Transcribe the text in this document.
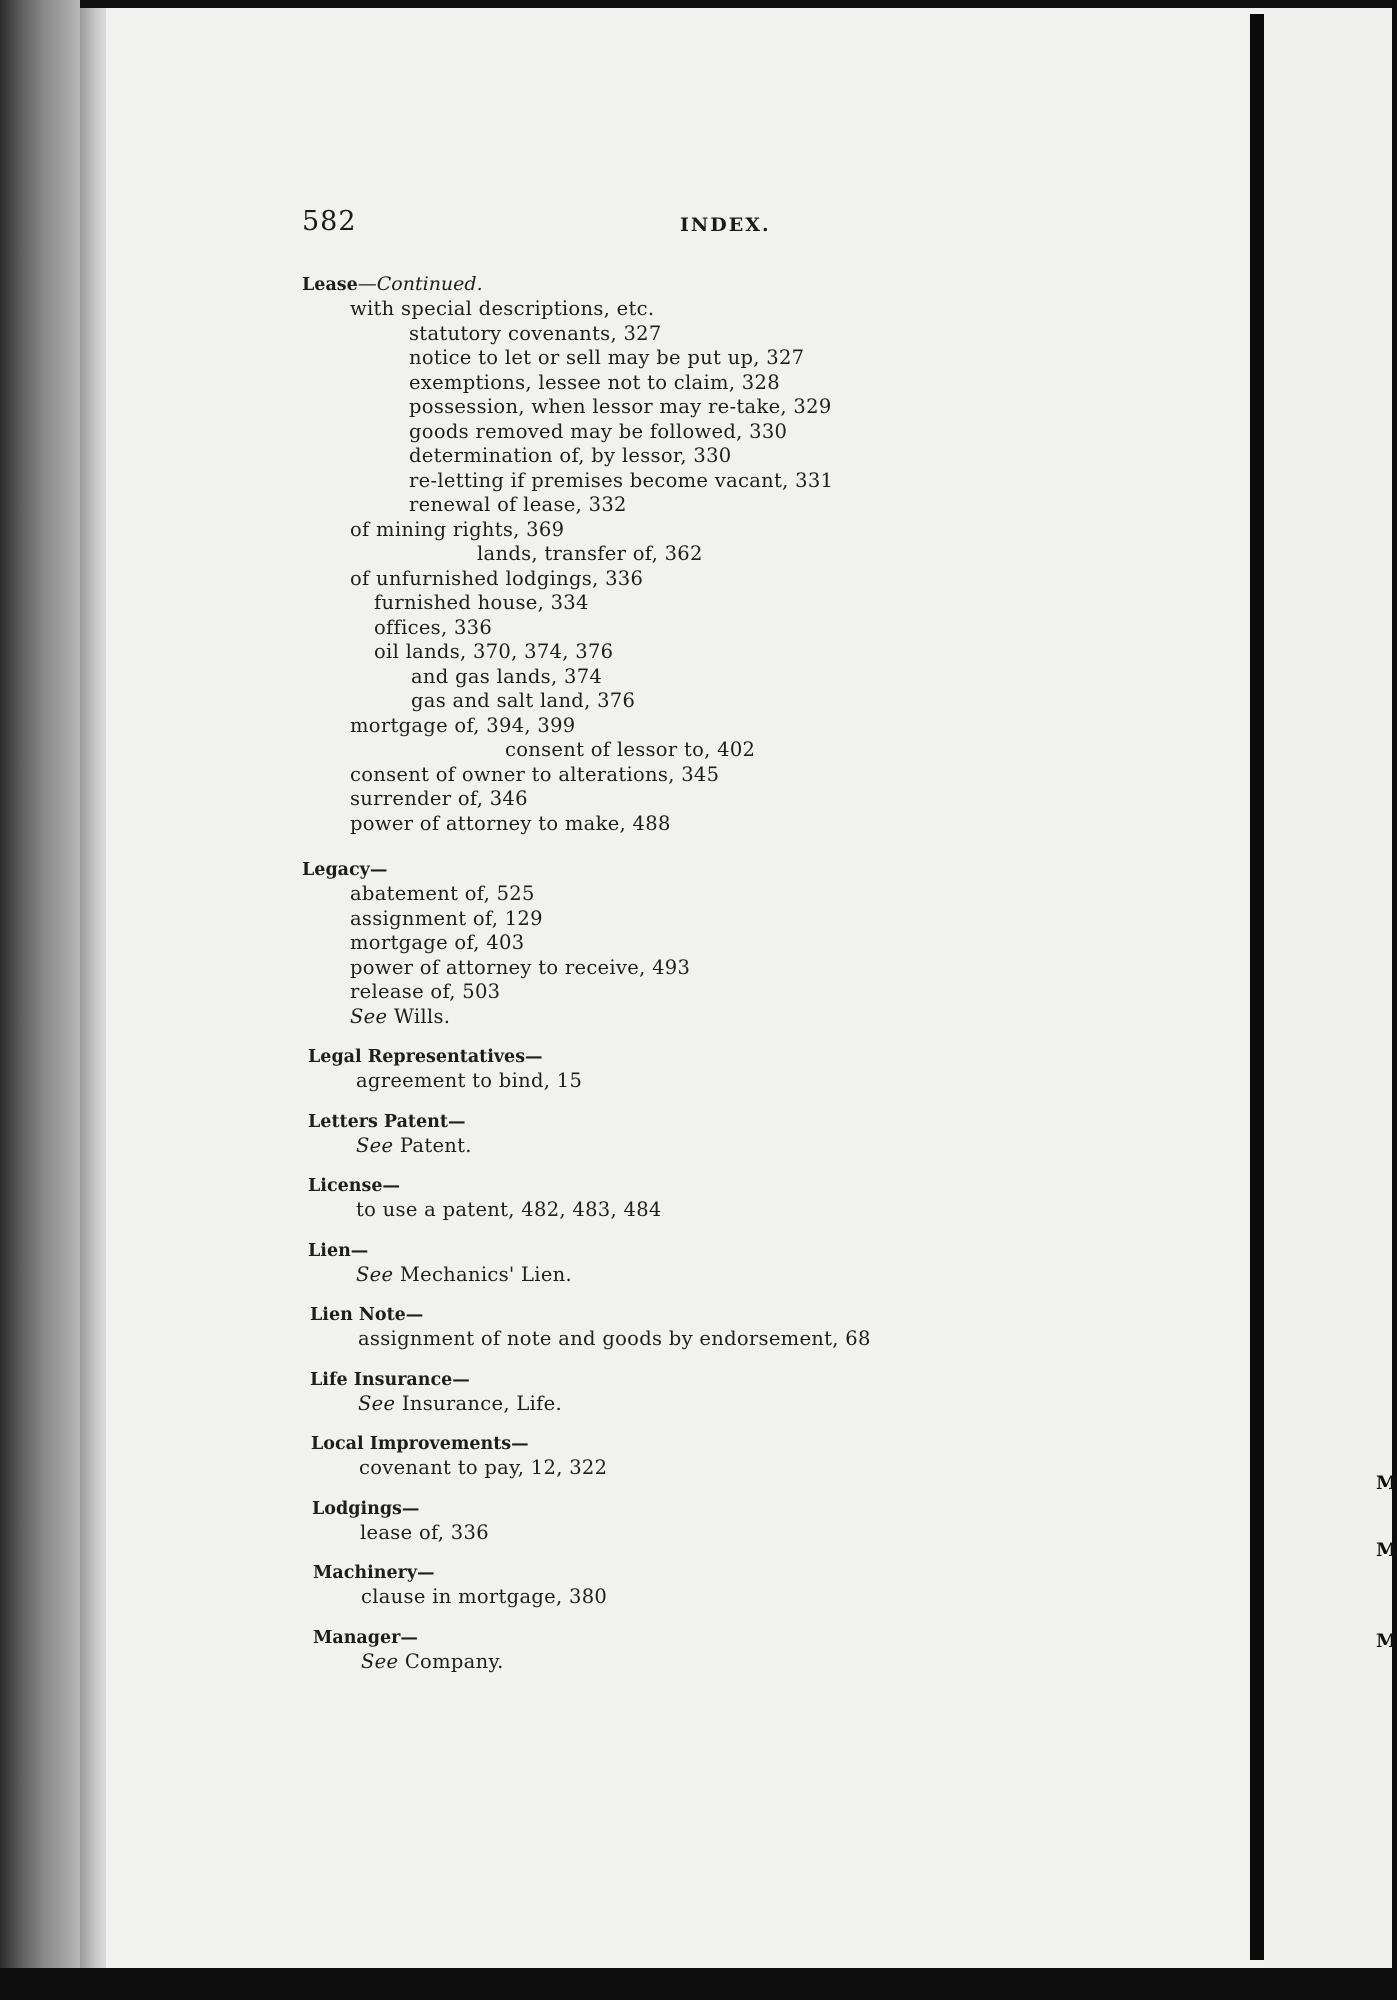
M
M
M
582	INDEX.
Lease—Continued.
with special descriptions, etc.
statutory covenants, 327
notice to let or sell may be put up, 327
exemptions, lessee not to claim, 328
possession, when lessor may re-take, 329
goods removed may be followed, 330
determination of, by lessor, 330
re-letting if premises become vacant, 331
renewal of lease, 332
of mining rights, 369
lands, transfer of, 362
of unfurnished lodgings, 336
furnished house, 334
offices, 336
oil lands, 370, 374, 376
and gas lands, 374
gas and salt land, 376
mortgage of, 394, 399
consent of lessor to, 402
consent of owner to alterations, 345
surrender of, 346
power of attorney to make, 488
Legacy—
abatement of, 525
assignment of, 129
mortgage of, 403
power of attorney to receive, 493
release of, 503
See Wills.
Legal Representatives—
agreement to bind, 15
Letters Patent—
See Patent.
License—
to use a patent, 482, 483, 484
Lien—
See Mechanics' Lien.
Lien Note—
assignment of note and goods by endorsement, 68
Life Insurance—
See Insurance, Life.
Local Improvements—
covenant to pay, 12, 322
Lodgings—
lease of, 336
Machinery—
clause in mortgage, 380
Manager—
See Company.
